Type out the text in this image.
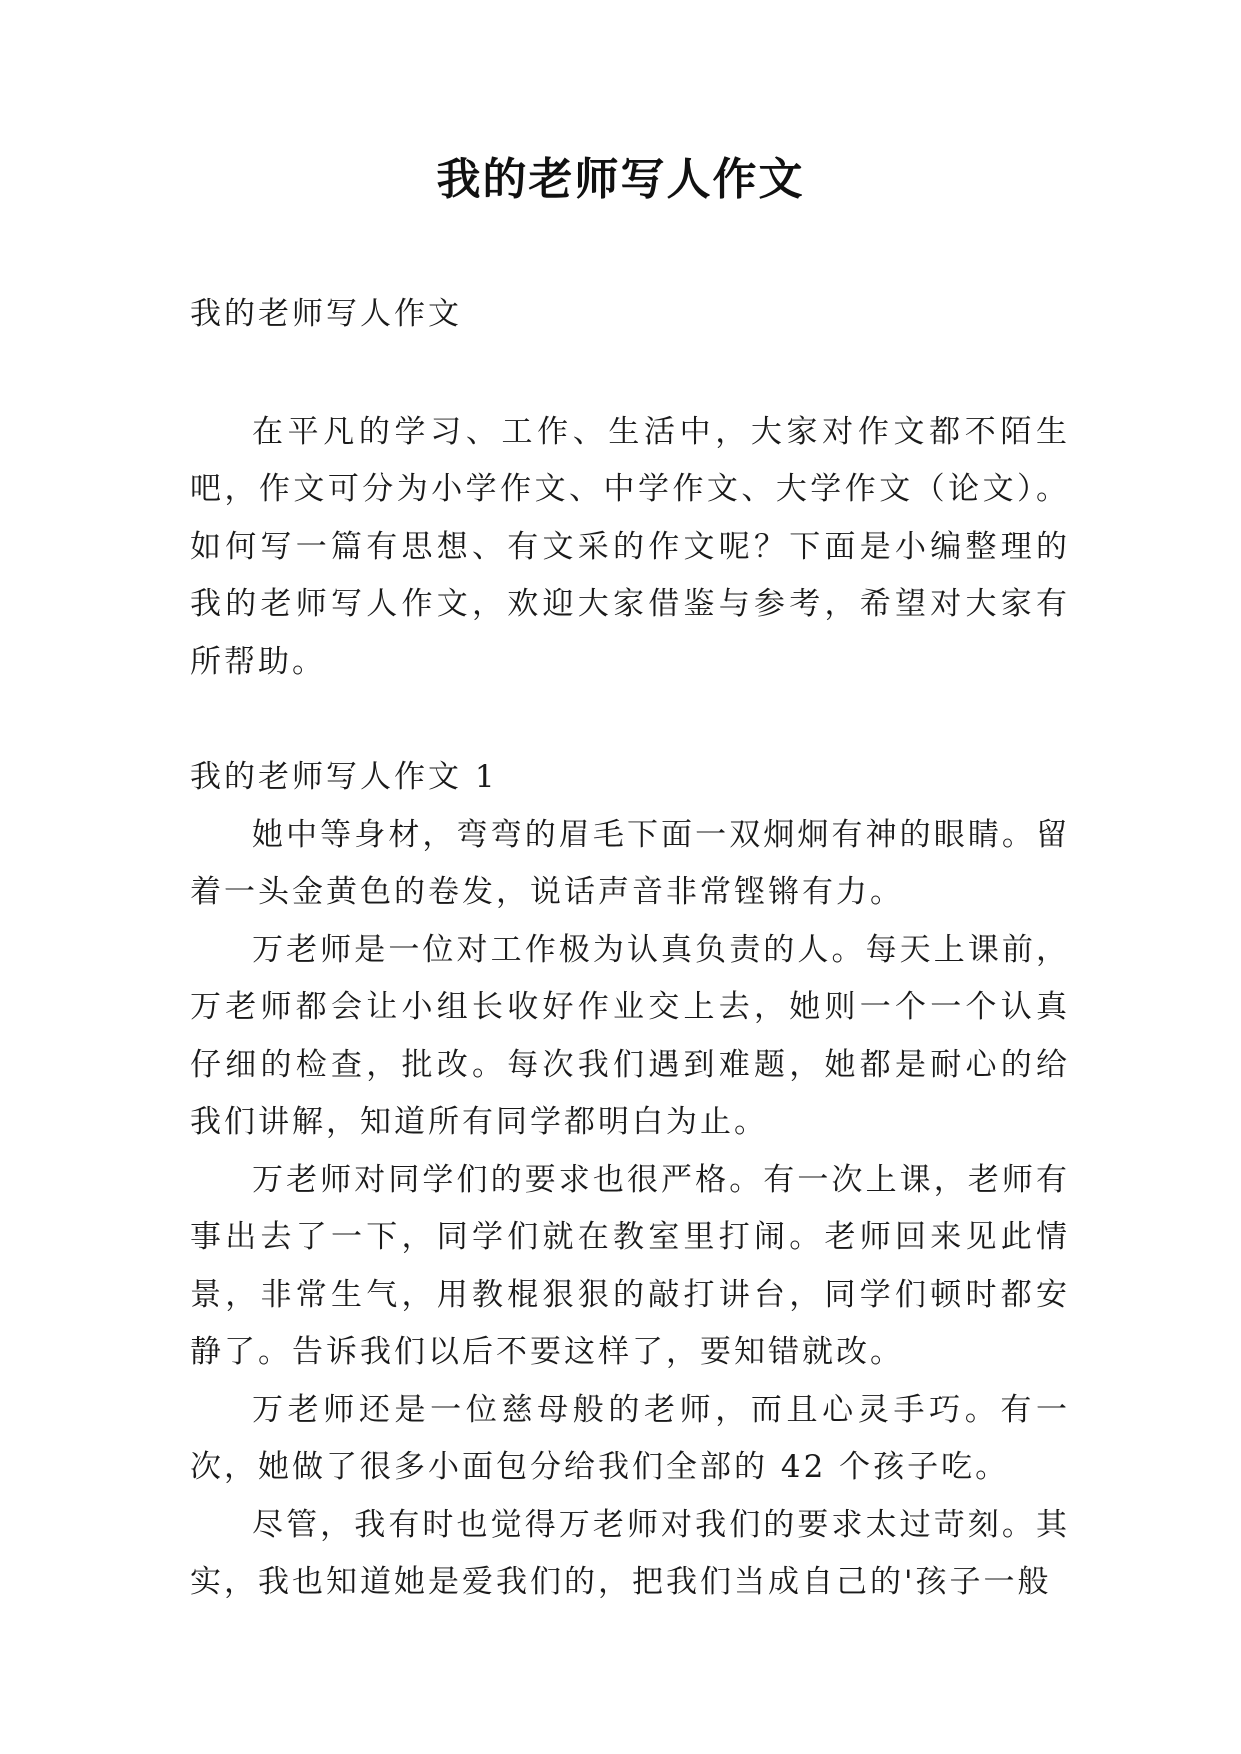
我的老师写人作文

我的老师写人作文

在平凡的学习、工作、生活中，大家对作文都不陌生吧，作文可分为小学作文、中学作文、大学作文（论文）。如何写一篇有思想、有文采的作文呢？下面是小编整理的我的老师写人作文，欢迎大家借鉴与参考，希望对大家有所帮助。

我的老师写人作文 1

她中等身材，弯弯的眉毛下面一双炯炯有神的眼睛。留着一头金黄色的卷发，说话声音非常铿锵有力。

万老师是一位对工作极为认真负责的人。每天上课前，万老师都会让小组长收好作业交上去，她则一个一个认真仔细的检查，批改。每次我们遇到难题，她都是耐心的给我们讲解，知道所有同学都明白为止。

万老师对同学们的要求也很严格。有一次上课，老师有事出去了一下，同学们就在教室里打闹。老师回来见此情景，非常生气，用教棍狠狠的敲打讲台，同学们顿时都安静了。告诉我们以后不要这样了，要知错就改。

万老师还是一位慈母般的老师，而且心灵手巧。有一次，她做了很多小面包分给我们全部的 42 个孩子吃。

尽管，我有时也觉得万老师对我们的要求太过苛刻。其实，我也知道她是爱我们的，把我们当成自己的'孩子一般
